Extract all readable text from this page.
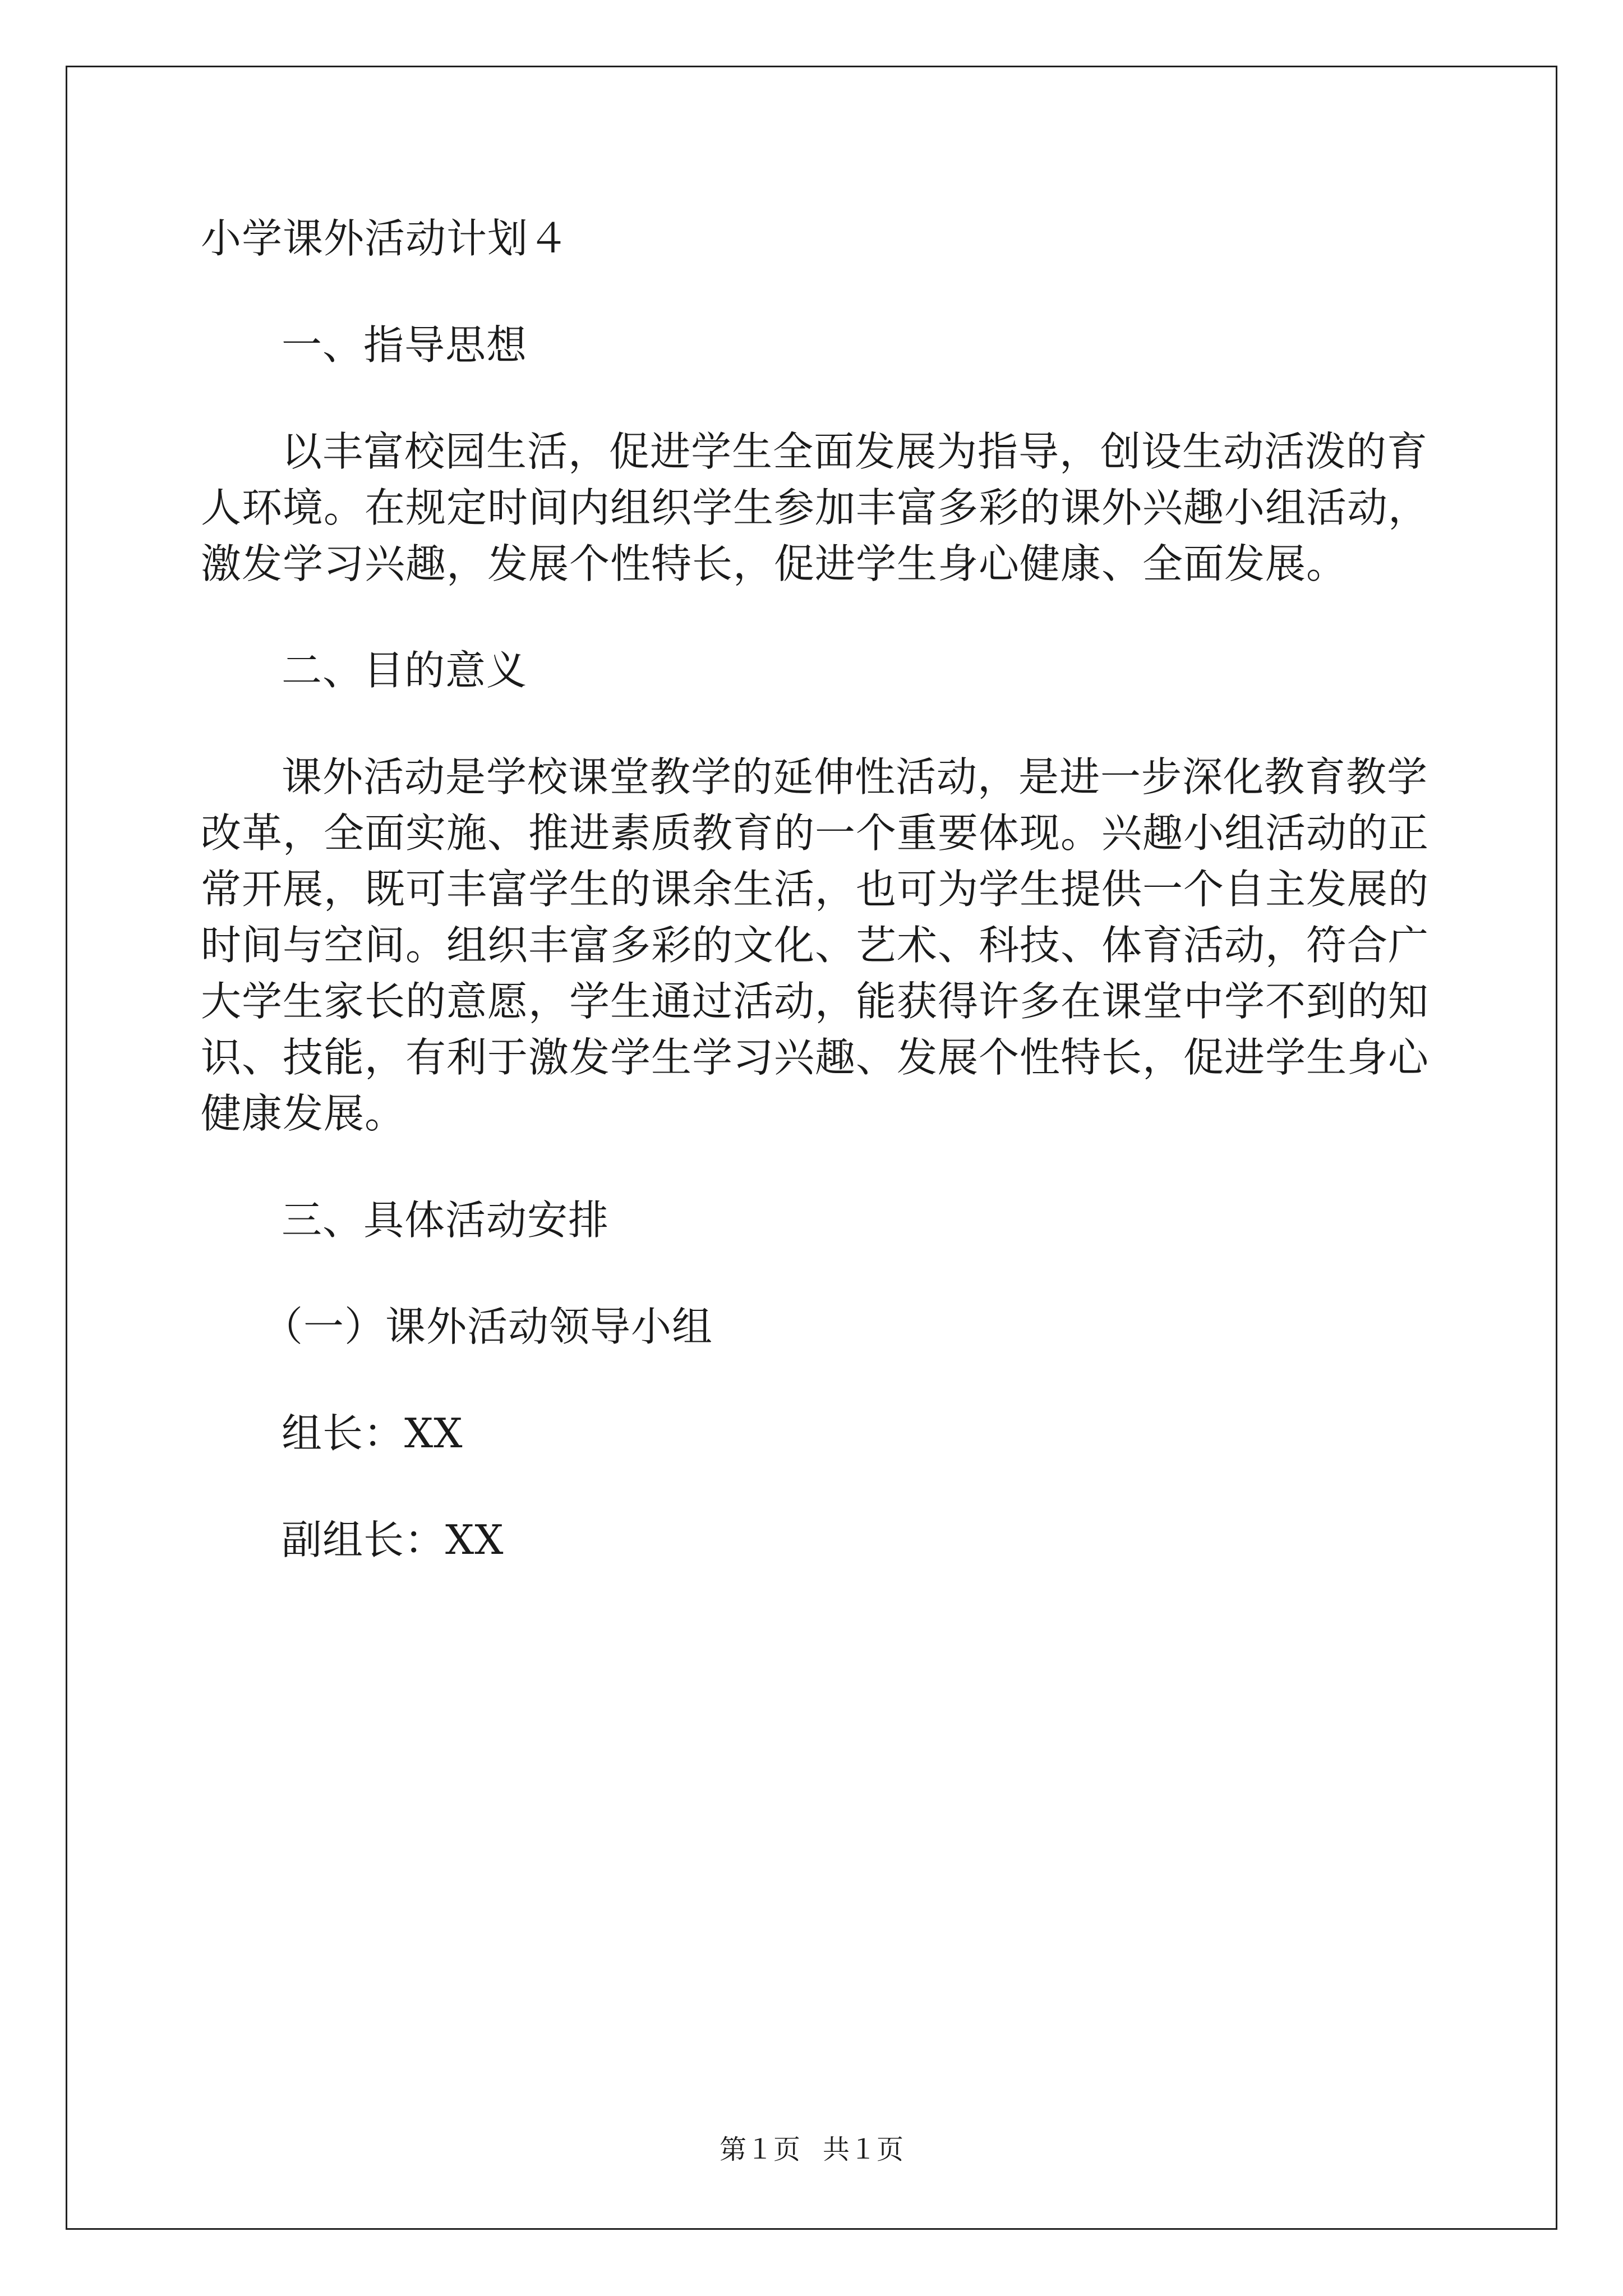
小学课外活动计划４

一、指导思想

以丰富校园生活，促进学生全面发展为指导，创设生动活泼的育

人环境。在规定时间内组织学生参加丰富多彩的课外兴趣小组活动，

激发学习兴趣，发展个性特长，促进学生身心健康、全面发展。

二、目的意义

课外活动是学校课堂教学的延伸性活动，是进一步深化教育教学

改革，全面实施、推进素质教育的一个重要体现。兴趣小组活动的正

常开展，既可丰富学生的课余生活，也可为学生提供一个自主发展的

时间与空间。组织丰富多彩的文化、艺术、科技、体育活动，符合广

大学生家长的意愿，学生通过活动，能获得许多在课堂中学不到的知

识、技能，有利于激发学生学习兴趣、发展个性特长，促进学生身心

健康发展。

三、具体活动安排

（一）课外活动领导小组

组长：XX

副组长：XX

第１页 共１页
